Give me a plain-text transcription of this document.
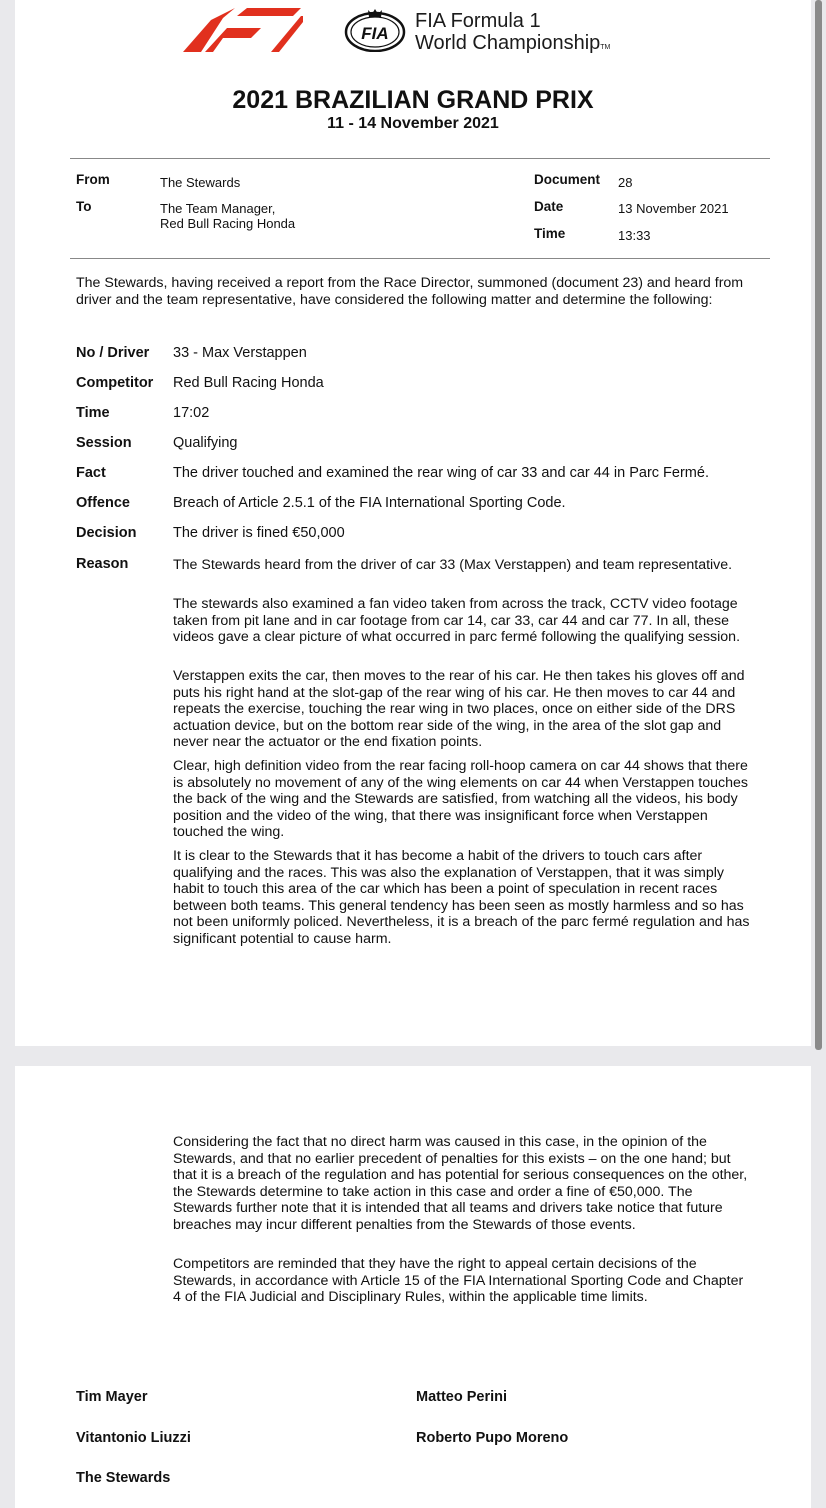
FIA
FIA Formula 1
World ChampionshipTM
2021 BRAZILIAN GRAND PRIX
11 - 14 November 2021
From	The Stewards
To	The Team Manager,
Red Bull Racing Honda
Document 28
Date	13 November 2021
Time	13:33
The Stewards, having received a report from the Race Director, summoned (document 23) and heard from driver and the team representative, have considered the following matter and determine the following:
No / Driver 33 - Max Verstappen
Competitor Red Bull Racing Honda
Time	17:02
Session	Qualifying
Fact	The driver touched and examined the rear wing of car 33 and car 44 in Parc Fermé.
Offence	Breach of Article 2.5.1 of the FIA International Sporting Code.
Decision	The driver is fined €50,000
Reason	The Stewards heard from the driver of car 33 (Max Verstappen) and team representative.
The stewards also examined a fan video taken from across the track, CCTV video footage taken from pit lane and in car footage from car 14, car 33, car 44 and car 77. In all, these videos gave a clear picture of what occurred in parc fermé following the qualifying session.
Verstappen exits the car, then moves to the rear of his car. He then takes his gloves off and puts his right hand at the slot-gap of the rear wing of his car. He then moves to car 44 and repeats the exercise, touching the rear wing in two places, once on either side of the DRS actuation device, but on the bottom rear side of the wing, in the area of the slot gap and never near the actuator or the end fixation points.
Clear, high definition video from the rear facing roll-hoop camera on car 44 shows that there is absolutely no movement of any of the wing elements on car 44 when Verstappen touches the back of the wing and the Stewards are satisfied, from watching all the videos, his body position and the video of the wing, that there was insignificant force when Verstappen touched the wing.
It is clear to the Stewards that it has become a habit of the drivers to touch cars after qualifying and the races. This was also the explanation of Verstappen, that it was simply habit to touch this area of the car which has been a point of speculation in recent races between both teams. This general tendency has been seen as mostly harmless and so has not been uniformly policed. Nevertheless, it is a breach of the parc fermé regulation and has significant potential to cause harm.
Considering the fact that no direct harm was caused in this case, in the opinion of the Stewards, and that no earlier precedent of penalties for this exists – on the one hand; but that it is a breach of the regulation and has potential for serious consequences on the other, the Stewards determine to take action in this case and order a fine of €50,000. The Stewards further note that it is intended that all teams and drivers take notice that future breaches may incur different penalties from the Stewards of those events.
Competitors are reminded that they have the right to appeal certain decisions of the Stewards, in accordance with Article 15 of the FIA International Sporting Code and Chapter 4 of the FIA Judicial and Disciplinary Rules, within the applicable time limits.
Tim Mayer
Vitantonio Liuzzi
The Stewards
Matteo Perini
Roberto Pupo Moreno
